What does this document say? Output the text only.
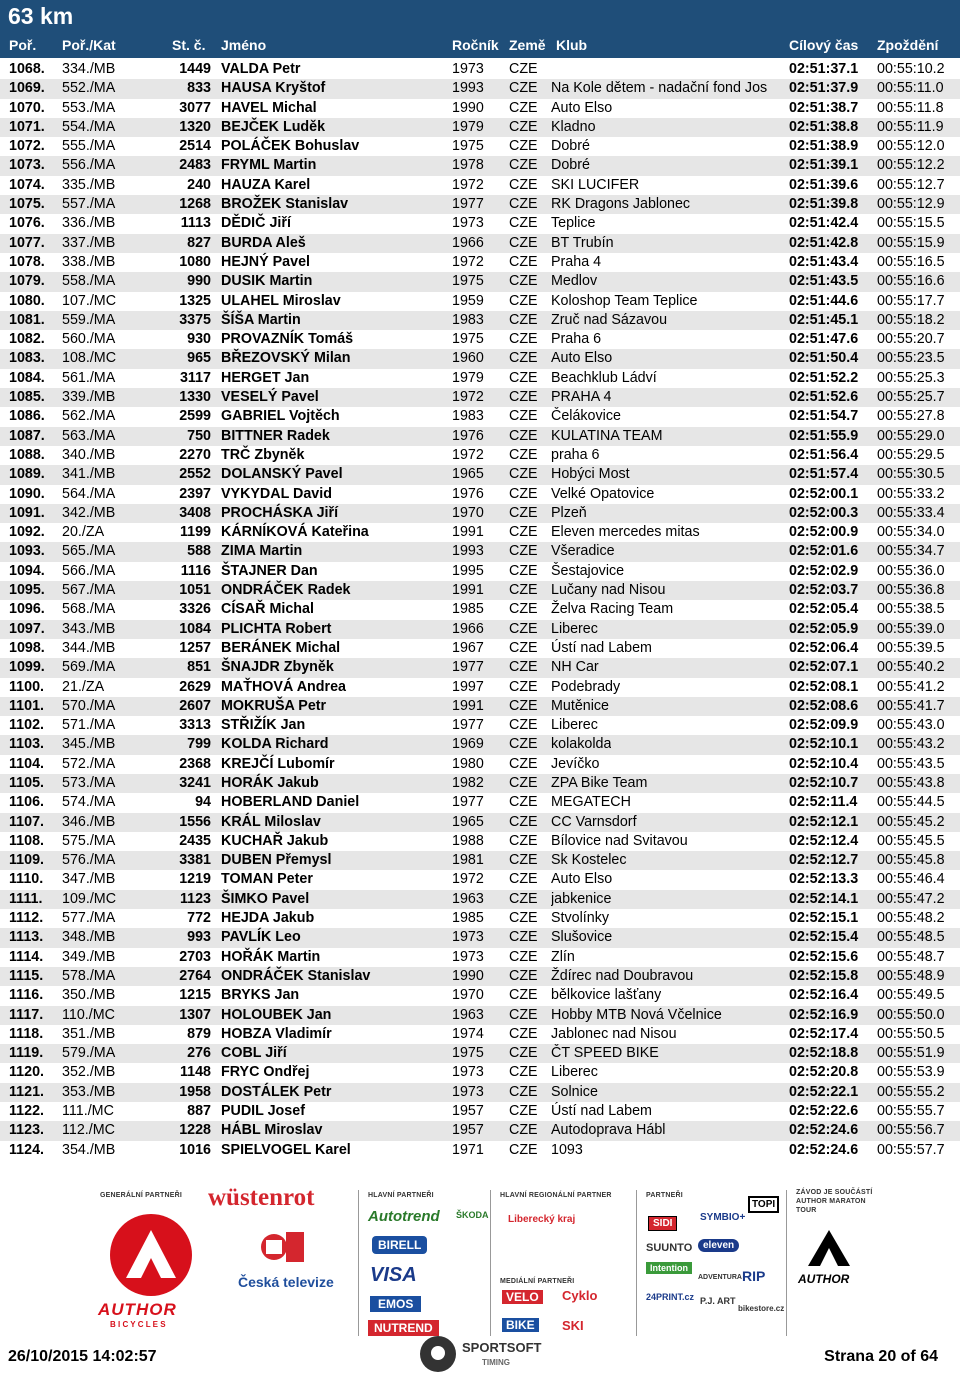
63 km
Poř. Poř./Kat	St. č. Jméno	Ročník Země Klub	Cílový čas Zpoždění
1068. 334./MB	1449 VALDA Petr	1973 CZE	02:51:37.1 00:55:10.2
1069. 552./MA	833 HAUSA Kryštof	1993 CZE Na Kole dětem - nadační fond Jos 02:51:37.9 00:55:11.0
1070. 553./MA	3077 HAVEL Michal	1990 CZE Auto Elso	02:51:38.7 00:55:11.8
1071. 554./MA	1320 BEJČEK Luděk	1979 CZE Kladno	02:51:38.8 00:55:11.9
1072. 555./MA	2514 POLÁČEK Bohuslav	1975 CZE Dobré	02:51:38.9 00:55:12.0
1073. 556./MA	2483 FRYML Martin	1978 CZE Dobré	02:51:39.1 00:55:12.2
1074. 335./MB	240 HAUZA Karel	1972 CZE SKI LUCIFER	02:51:39.6 00:55:12.7
1075. 557./MA	1268 BROŽEK Stanislav	1977 CZE RK Dragons Jablonec	02:51:39.8 00:55:12.9
1076. 336./MB	1113 DĚDIČ Jiří	1973 CZE Teplice	02:51:42.4 00:55:15.5
1077. 337./MB	827 BURDA Aleš	1966 CZE BT Trubín	02:51:42.8 00:55:15.9
1078. 338./MB	1080 HEJNÝ Pavel	1972 CZE Praha 4	02:51:43.4 00:55:16.5
1079. 558./MA	990 DUSIK Martin	1975 CZE Medlov	02:51:43.5 00:55:16.6
1080. 107./MC	1325 ULAHEL Miroslav	1959 CZE Koloshop Team Teplice	02:51:44.6 00:55:17.7
1081. 559./MA	3375 ŠÍŠA Martin	1983 CZE Zruč nad Sázavou	02:51:45.1 00:55:18.2
1082. 560./MA	930 PROVAZNÍK Tomáš	1975 CZE Praha 6	02:51:47.6 00:55:20.7
1083. 108./MC	965 BŘEZOVSKÝ Milan	1960 CZE Auto Elso	02:51:50.4 00:55:23.5
1084. 561./MA	3117 HERGET Jan	1979 CZE Beachklub Ládví	02:51:52.2 00:55:25.3
1085. 339./MB	1330 VESELÝ Pavel	1972 CZE PRAHA 4	02:51:52.6 00:55:25.7
1086. 562./MA	2599 GABRIEL Vojtěch	1983 CZE Čelákovice	02:51:54.7 00:55:27.8
1087. 563./MA	750 BITTNER Radek	1976 CZE KULATINA TEAM	02:51:55.9 00:55:29.0
1088. 340./MB	2270 TRČ Zbyněk	1972 CZE praha 6	02:51:56.4 00:55:29.5
1089. 341./MB	2552 DOLANSKÝ Pavel	1965 CZE Hobýci Most	02:51:57.4 00:55:30.5
1090. 564./MA	2397 VYKYDAL David	1976 CZE Velké Opatovice	02:52:00.1 00:55:33.2
1091. 342./MB	3408 PROCHÁSKA Jiří	1970 CZE Plzeň	02:52:00.3 00:55:33.4
1092. 20./ZA	1199 KÁRNÍKOVÁ Kateřina	1991 CZE Eleven mercedes mitas	02:52:00.9 00:55:34.0
1093. 565./MA	588 ZIMA Martin	1993 CZE Všeradice	02:52:01.6 00:55:34.7
1094. 566./MA	1116 ŠTAJNER Dan	1995 CZE Šestajovice	02:52:02.9 00:55:36.0
1095. 567./MA	1051 ONDRÁČEK Radek	1991 CZE Lučany nad Nisou	02:52:03.7 00:55:36.8
1096. 568./MA	3326 CÍSAŘ Michal	1985 CZE Želva Racing Team	02:52:05.4 00:55:38.5
1097. 343./MB	1084 PLICHTA Robert	1966 CZE Liberec	02:52:05.9 00:55:39.0
1098. 344./MB	1257 BERÁNEK Michal	1967 CZE Ústí nad Labem	02:52:06.4 00:55:39.5
1099. 569./MA	851 ŠNAJDR Zbyněk	1977 CZE NH Car	02:52:07.1 00:55:40.2
1100. 21./ZA	2629 MAŤHOVÁ Andrea	1997 CZE Podebrady	02:52:08.1 00:55:41.2
1101. 570./MA	2607 MOKRUŠA Petr	1991 CZE Mutěnice	02:52:08.6 00:55:41.7
1102. 571./MA	3313 STŘIŽÍK Jan	1977 CZE Liberec	02:52:09.9 00:55:43.0
1103. 345./MB	799 KOLDA Richard	1969 CZE kolakolda	02:52:10.1 00:55:43.2
1104. 572./MA	2368 KREJČÍ Lubomír	1980 CZE Jevíčko	02:52:10.4 00:55:43.5
1105. 573./MA	3241 HORÁK Jakub	1982 CZE ZPA Bike Team	02:52:10.7 00:55:43.8
1106. 574./MA	94 HOBERLAND Daniel	1977 CZE MEGATECH	02:52:11.4 00:55:44.5
1107. 346./MB	1556 KRÁL Miloslav	1965 CZE CC Varnsdorf	02:52:12.1 00:55:45.2
1108. 575./MA	2435 KUCHAŘ Jakub	1988 CZE Bílovice nad Svitavou	02:52:12.4 00:55:45.5
1109. 576./MA	3381 DUBEN Přemysl	1981 CZE Sk Kostelec	02:52:12.7 00:55:45.8
1110. 347./MB	1219 TOMAN Peter	1972 CZE Auto Elso	02:52:13.3 00:55:46.4
1111. 109./MC	1123 ŠIMKO Pavel	1963 CZE jabkenice	02:52:14.1 00:55:47.2
1112. 577./MA	772 HEJDA Jakub	1985 CZE Stvolínky	02:52:15.1 00:55:48.2
1113. 348./MB	993 PAVLÍK Leo	1973 CZE Slušovice	02:52:15.4 00:55:48.5
1114. 349./MB	2703 HOŘÁK Martin	1973 CZE Zlín	02:52:15.6 00:55:48.7
1115. 578./MA	2764 ONDRÁČEK Stanislav	1990 CZE Ždírec nad Doubravou	02:52:15.8 00:55:48.9
1116. 350./MB	1215 BRYKS Jan	1970 CZE bělkovice lašťany	02:52:16.4 00:55:49.5
1117. 110./MC	1307 HOLOUBEK Jan	1963 CZE Hobby MTB Nová Včelnice	02:52:16.9 00:55:50.0
1118. 351./MB	879 HOBZA Vladimír	1974 CZE Jablonec nad Nisou	02:52:17.4 00:55:50.5
1119. 579./MA	276 COBL Jiří	1975 CZE ČT SPEED BIKE	02:52:18.8 00:55:51.9
1120. 352./MB	1148 FRYC Ondřej	1973 CZE Liberec	02:52:20.8 00:55:53.9
1121. 353./MB	1958 DOSTÁLEK Petr	1973 CZE Solnice	02:52:22.1 00:55:55.2
1122. 111./MC	887 PUDIL Josef	1957 CZE Ústí nad Labem	02:52:22.6 00:55:55.7
1123. 112./MC	1228 HÁBL Miroslav	1957 CZE Autodoprava Hábl	02:52:24.6 00:55:56.7
1124. 354./MB	1016 SPIELVOGEL Karel	1971 CZE 1093	02:52:24.6 00:55:57.7
GENERÁLNÍ PARTNEŘI	HLAVNÍ PARTNEŘI	HLAVNÍ REGIONÁLNÍ PARTNER	PARTNEŘI
MEDIÁLNÍ PARTNEŘI
ZÁVOD JE SOUČÁSTÍ AUTHOR MARATON TOUR
AUTHOR
B I C Y C L E S
wüstenrot
Česká televize
Autotrend ŠKODA
BIRELL
VISA
EMOS
NUTREND
Liberecký kraj
VELO	Cyklo
BIKE	SKI
TOPI
SIDI
SYMBIO+
SUUNTO	eleven
Intention
ADVENTURA RIP
24PRINT.cz P.J. ART
bikestore.cz
AUTHOR
26/10/2015 14:02:57
SPORTSOFT
TIMING	Strana 20 of 64
